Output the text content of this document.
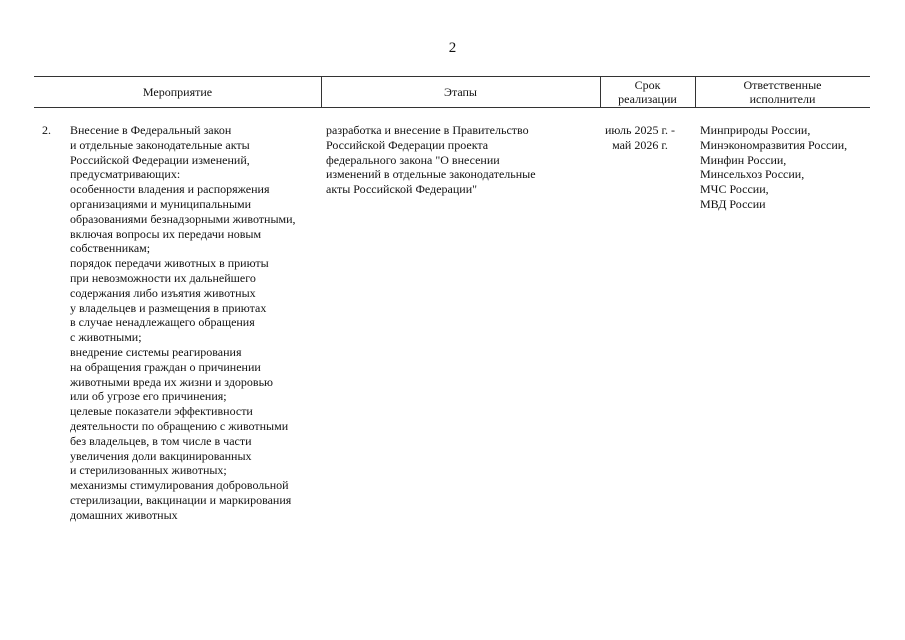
2
Мероприятие	Этапы	Срок
реализации
Ответственные
исполнители
2. Внесение в Федеральный закон
и отдельные законодательные акты
Российской Федерации изменений,
предусматривающих:
особенности владения и распоряжения
организациями и муниципальными
образованиями безнадзорными животными,
включая вопросы их передачи новым
собственникам;
порядок передачи животных в приюты
при невозможности их дальнейшего
содержания либо изъятия животных
у владельцев и размещения в приютах
в случае ненадлежащего обращения
с животными;
внедрение системы реагирования
на обращения граждан о причинении
животными вреда их жизни и здоровью
или об угрозе его причинения;
целевые показатели эффективности
деятельности по обращению с животными
без владельцев, в том числе в части
увеличения доли вакцинированных
и стерилизованных животных;
механизмы стимулирования добровольной
стерилизации, вакцинации и маркирования
домашних животных
разработка и внесение в Правительство
Российской Федерации проекта
федерального закона "О внесении
изменений в отдельные законодательные
акты Российской Федерации"
июль 2025 г. -
май 2026 г.
Минприроды России,
Минэкономразвития России,
Минфин России,
Минсельхоз России,
МЧС России,
МВД России
